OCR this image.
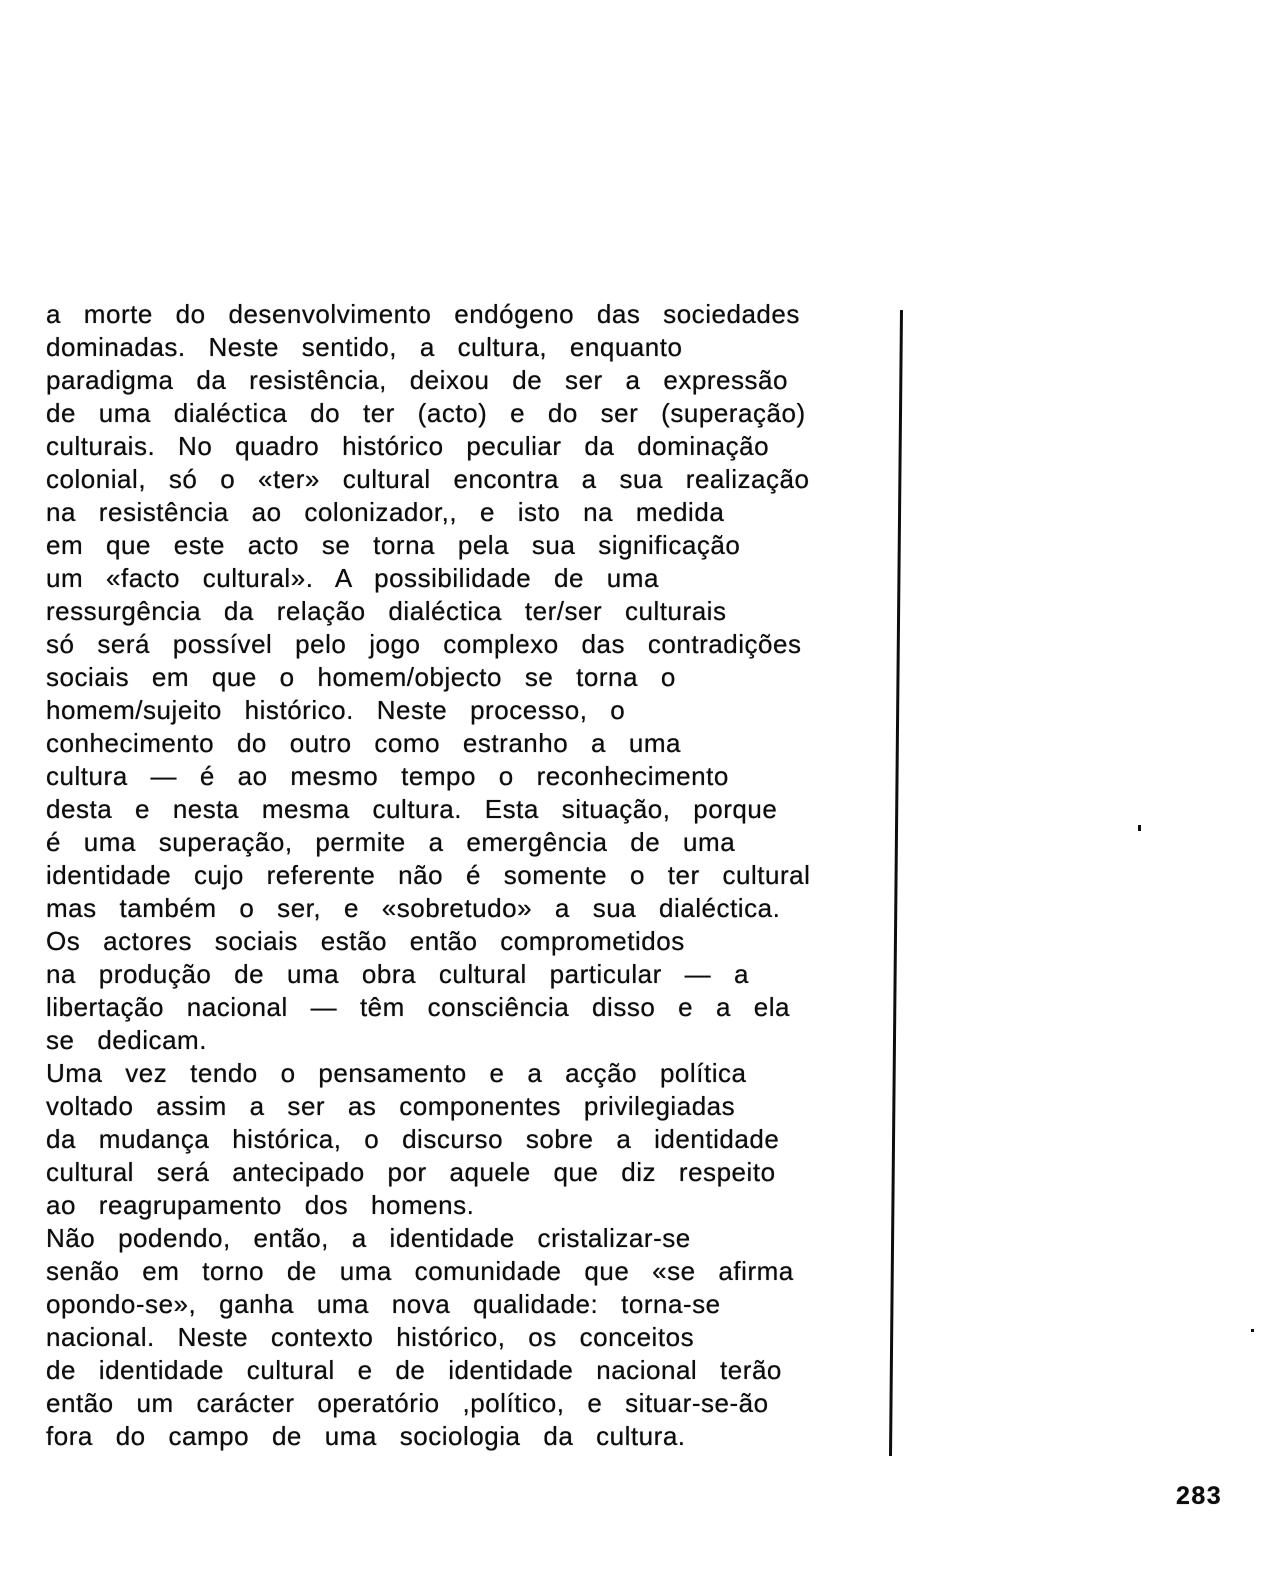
a morte do desenvolvimento endógeno das sociedades
dominadas. Neste sentido, a cultura, enquanto
paradigma da resistência, deixou de ser a expressão
de uma dialéctica do ter (acto) e do ser (superação)
culturais. No quadro histórico peculiar da dominação
colonial, só o «ter» cultural encontra a sua realização
na resistência ao colonizador,, e isto na medida
em que este acto se torna pela sua significação
um «facto cultural». A possibilidade de uma
ressurgência da relação dialéctica ter/ser culturais
só será possível pelo jogo complexo das contradições
sociais em que o homem/objecto se torna o
homem/sujeito histórico. Neste processo, o
conhecimento do outro como estranho a uma
cultura — é ao mesmo tempo o reconhecimento
desta e nesta mesma cultura. Esta situação, porque
é uma superação, permite a emergência de uma
identidade cujo referente não é somente o ter cultural
mas também o ser, e «sobretudo» a sua dialéctica.
Os actores sociais estão então comprometidos
na produção de uma obra cultural particular — a
libertação nacional — têm consciência disso e a ela
se dedicam.
Uma vez tendo o pensamento e a acção política
voltado assim a ser as componentes privilegiadas
da mudança histórica, o discurso sobre a identidade
cultural será antecipado por aquele que diz respeito
ao reagrupamento dos homens.
Não podendo, então, a identidade cristalizar-se
senão em torno de uma comunidade que «se afirma
opondo-se», ganha uma nova qualidade: torna-se
nacional. Neste contexto histórico, os conceitos
de identidade cultural e de identidade nacional terão
então um carácter operatório ,político, e situar-se-ão
fora do campo de uma sociologia da cultura.
283
